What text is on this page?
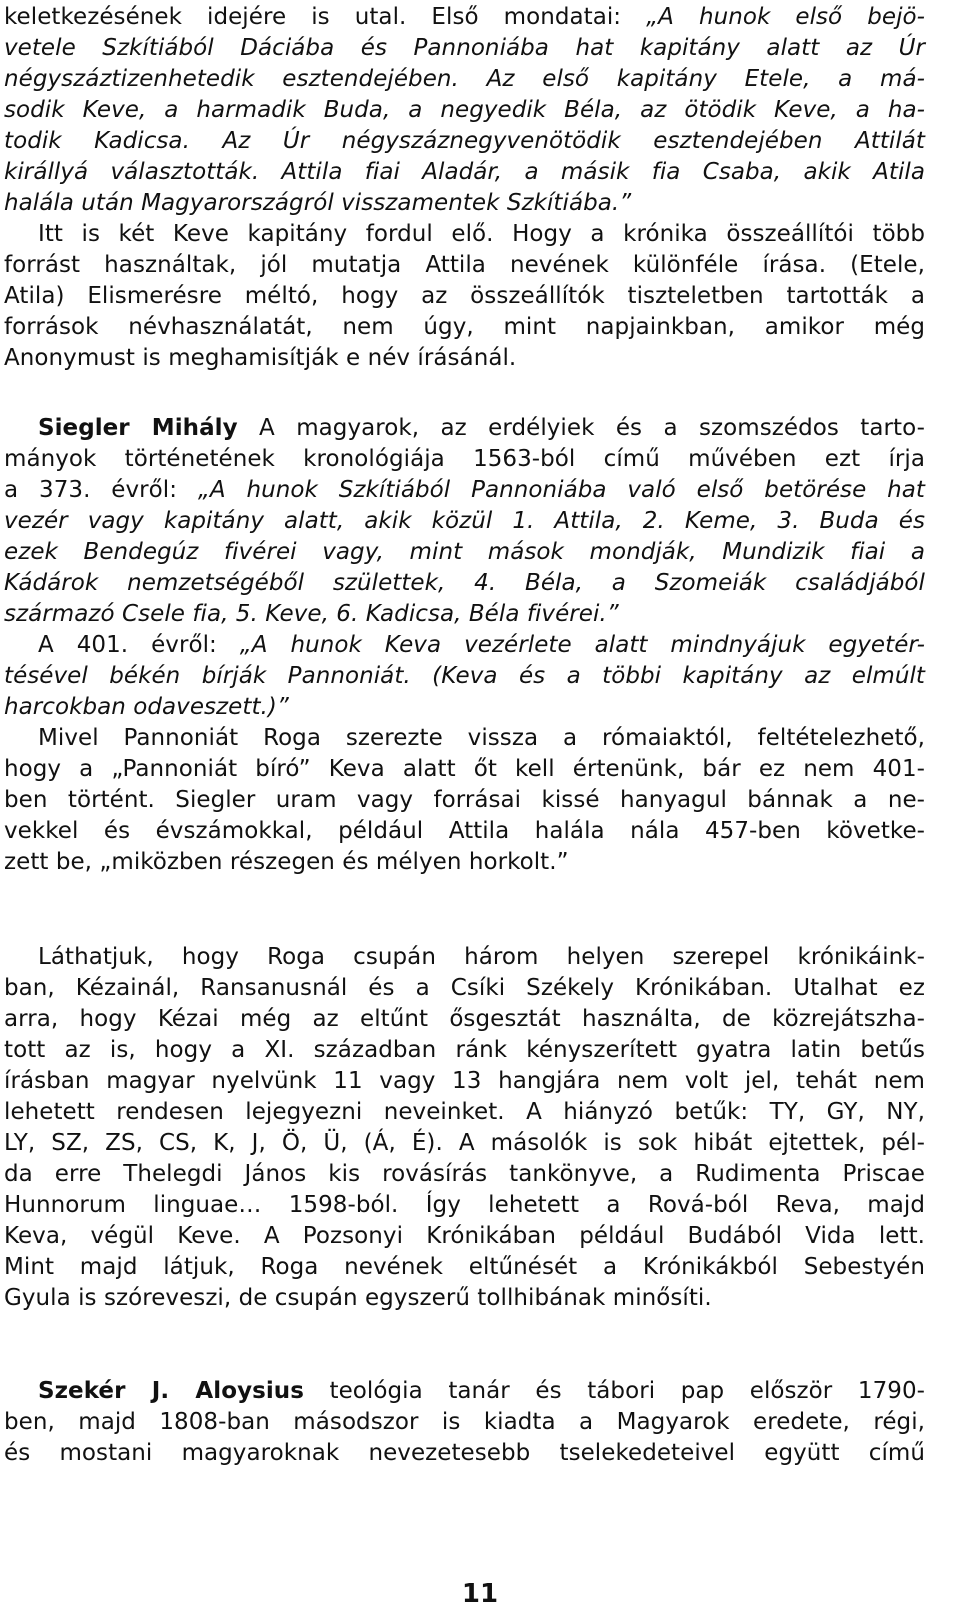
keletkezésének idejére is utal. Első mondatai: „A hunok első bejö-
vetele Szkítiából Dáciába és Pannoniába hat kapitány alatt az Úr
négyszáztizenhetedik esztendejében. Az első kapitány Etele, a má-
sodik Keve, a harmadik Buda, a negyedik Béla, az ötödik Keve, a ha-
todik Kadicsa. Az Úr négyszáznegyvenötödik esztendejében Attilát
királlyá választották. Attila fiai Aladár, a másik fia Csaba, akik Atila
halála után Magyarországról visszamentek Szkítiába.”
Itt is két Keve kapitány fordul elő. Hogy a krónika összeállítói több
forrást használtak, jól mutatja Attila nevének különféle írása. (Etele,
Atila) Elismerésre méltó, hogy az összeállítók tiszteletben tartották a
források névhasználatát, nem úgy, mint napjainkban, amikor még
Anonymust is meghamisítják e név írásánál.
Siegler Mihály A magyarok, az erdélyiek és a szomszédos tarto-
mányok történetének kronológiája 1563-ból című művében ezt írja
a 373. évről: „A hunok Szkítiából Pannoniába való első betörése hat
vezér vagy kapitány alatt, akik közül 1. Attila, 2. Keme, 3. Buda és
ezek Bendegúz fivérei vagy, mint mások mondják, Mundizik fiai a
Kádárok nemzetségéből születtek, 4. Béla, a Szomeiák családjából
származó Csele fia, 5. Keve, 6. Kadicsa, Béla fivérei.”
A 401. évről: „A hunok Keva vezérlete alatt mindnyájuk egyetér-
tésével békén bírják Pannoniát. (Keva és a többi kapitány az elmúlt
harcokban odaveszett.)”
Mivel Pannoniát Roga szerezte vissza a rómaiaktól, feltételezhető,
hogy a „Pannoniát bíró” Keva alatt őt kell értenünk, bár ez nem 401-
ben történt. Siegler uram vagy forrásai kissé hanyagul bánnak a ne-
vekkel és évszámokkal, például Attila halála nála 457-ben követke-
zett be, „miközben részegen és mélyen horkolt.”
Láthatjuk, hogy Roga csupán három helyen szerepel krónikáink-
ban, Kézainál, Ransanusnál és a Csíki Székely Krónikában. Utalhat ez
arra, hogy Kézai még az eltűnt ősgesztát használta, de közrejátszha-
tott az is, hogy a XI. században ránk kényszerített gyatra latin betűs
írásban magyar nyelvünk 11 vagy 13 hangjára nem volt jel, tehát nem
lehetett rendesen lejegyezni neveinket. A hiányzó betűk: TY, GY, NY,
LY, SZ, ZS, CS, K, J, Ö, Ü, (Á, É). A másolók is sok hibát ejtettek, pél-
da erre Thelegdi János kis rovásírás tankönyve, a Rudimenta Priscae
Hunnorum linguae… 1598-ból. Így lehetett a Rová-ból Reva, majd
Keva, végül Keve. A Pozsonyi Krónikában például Budából Vida lett.
Mint majd látjuk, Roga nevének eltűnését a Krónikákból Sebestyén
Gyula is szóreveszi, de csupán egyszerű tollhibának minősíti.
Szekér J. Aloysius teológia tanár és tábori pap először 1790-
ben, majd 1808-ban másodszor is kiadta a Magyarok eredete, régi,
és mostani magyaroknak nevezetesebb tselekedeteivel együtt című
11
